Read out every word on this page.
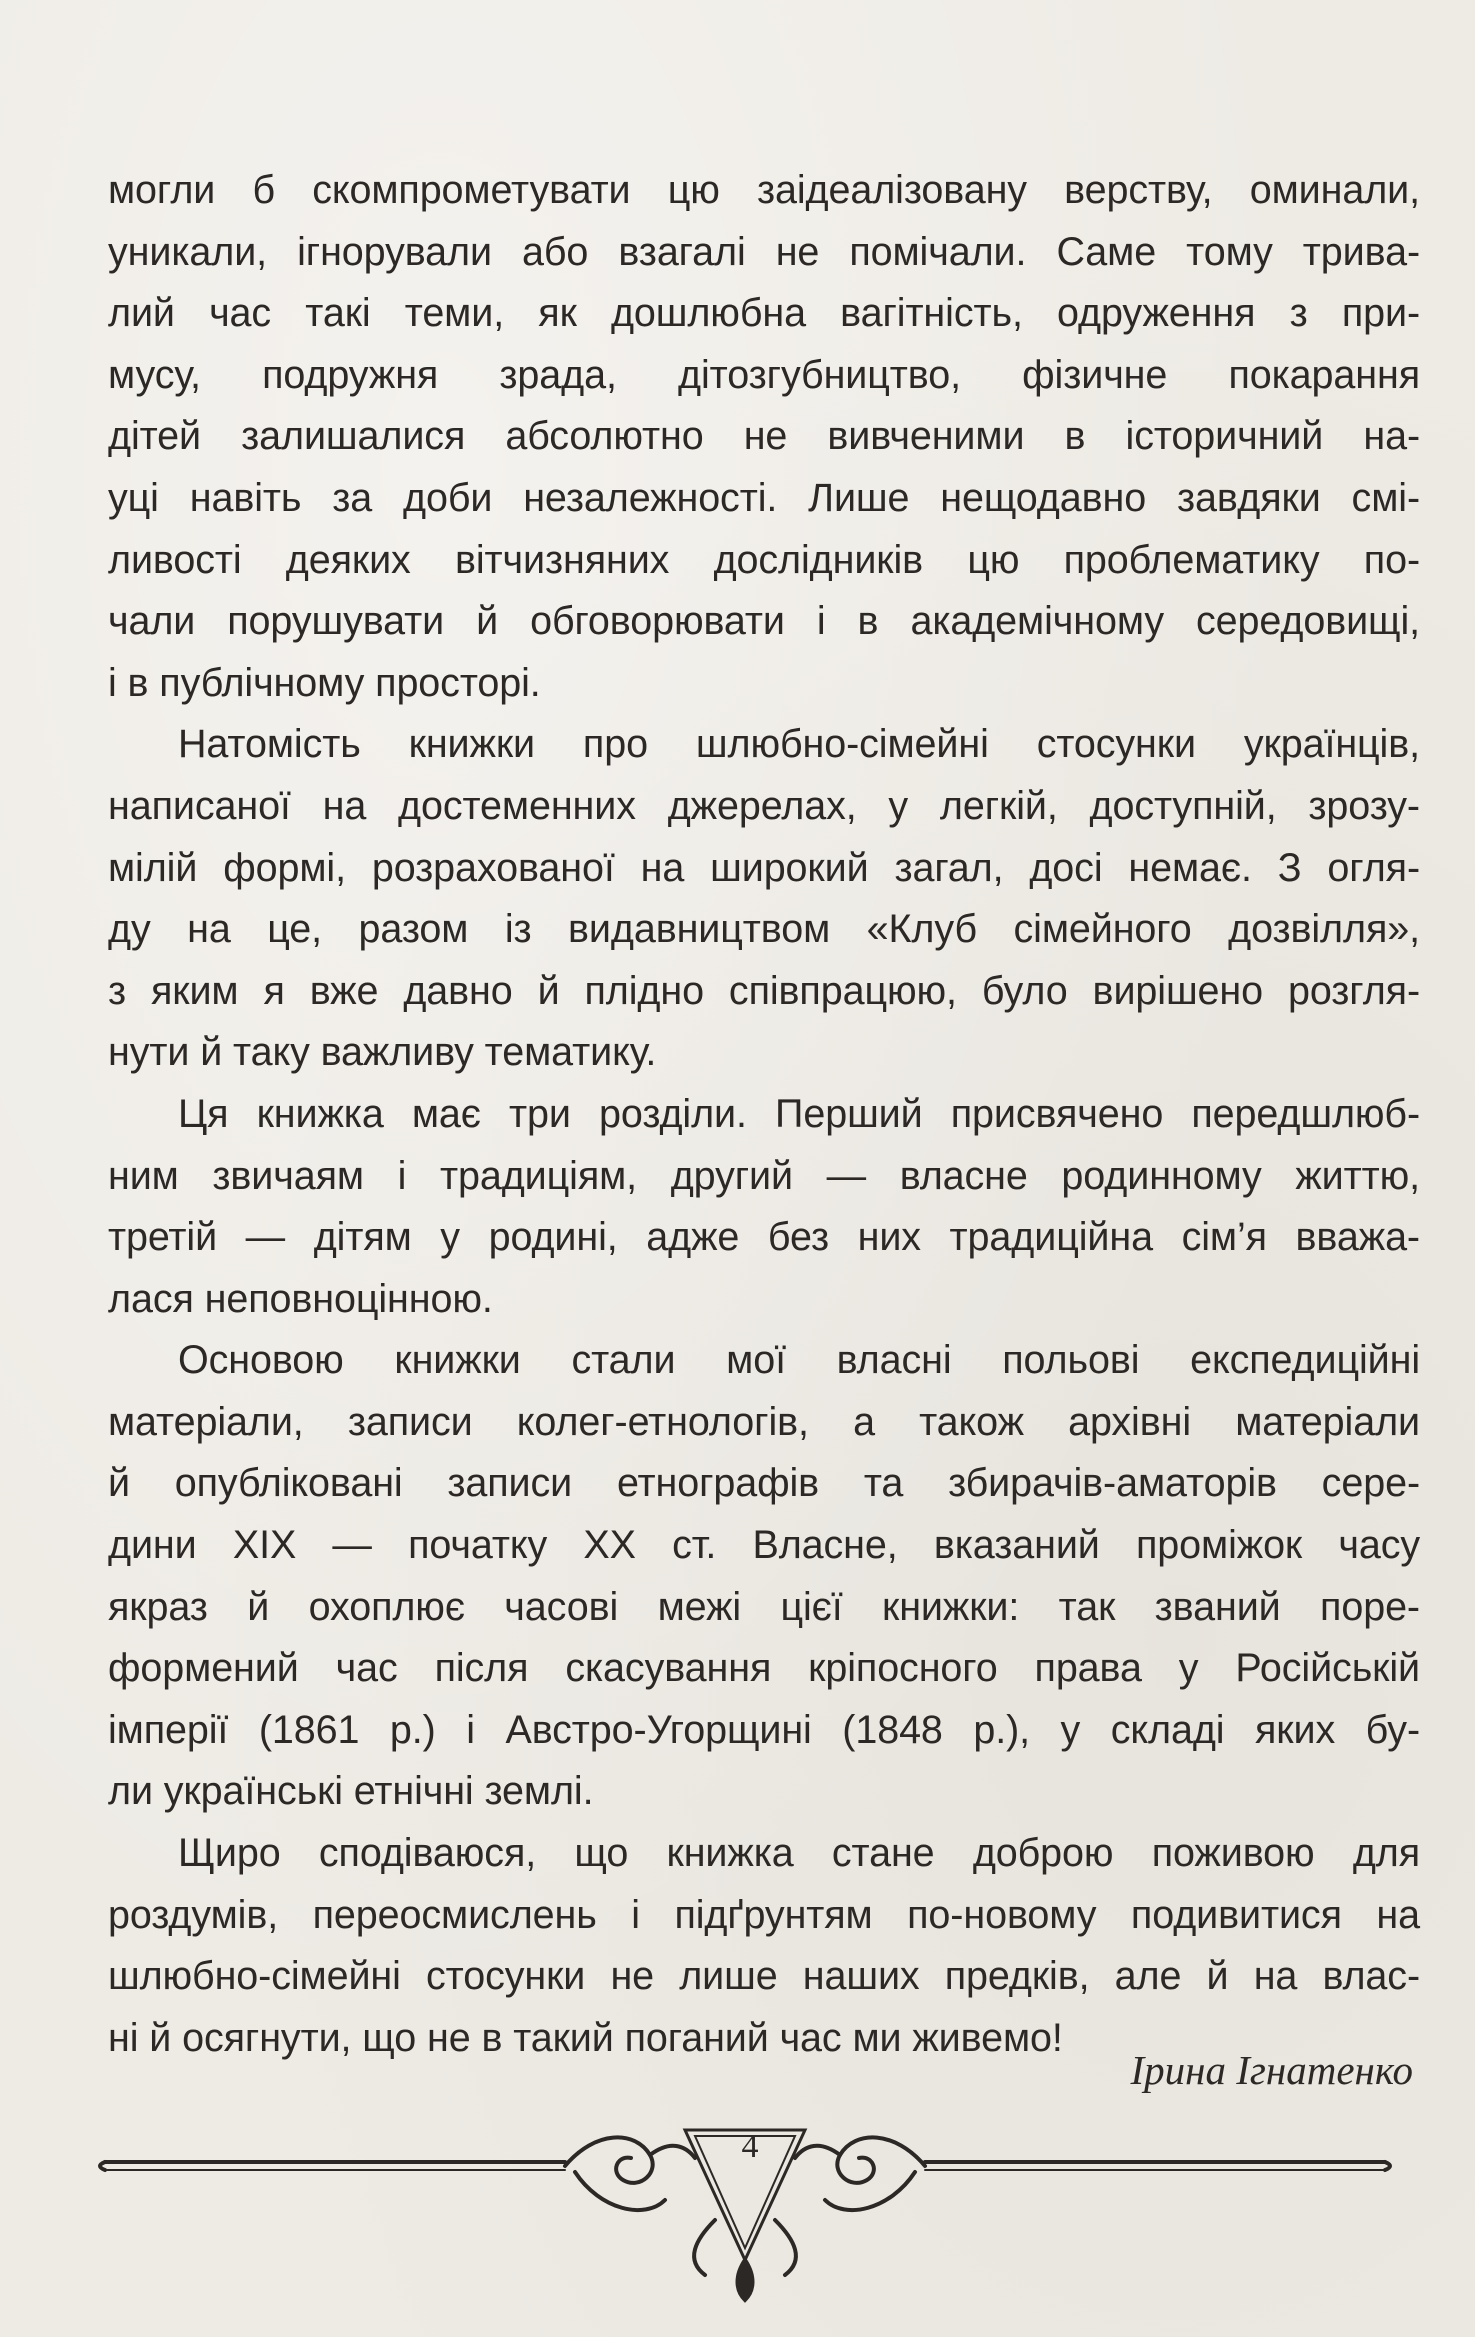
могли б скомпрометувати цю заідеалізовану верству, оминали,
уникали, ігнорували або взагалі не помічали. Саме тому трива-
лий час такі теми, як дошлюбна вагітність, одруження з при-
мусу, подружня зрада, дітозгубництво, фізичне покарання
дітей залишалися абсолютно не вивченими в історичний на-
уці навіть за доби незалежності. Лише нещодавно завдяки смі-
ливості деяких вітчизняних дослідників цю проблематику по-
чали порушувати й обговорювати і в академічному середовищі,
і в публічному просторі.
Натомість книжки про шлюбно-сімейні стосунки українців,
написаної на достеменних джерелах, у легкій, доступній, зрозу-
мілій формі, розрахованої на широкий загал, досі немає. З огля-
ду на це, разом із видавництвом «Клуб сімейного дозвілля»,
з яким я вже давно й плідно співпрацюю, було вирішено розгля-
нути й таку важливу тематику.
Ця книжка має три розділи. Перший присвячено передшлюб-
ним звичаям і традиціям, другий — власне родинному життю,
третій — дітям у родині, адже без них традиційна сім’я вважа-
лася неповноцінною.
Основою книжки стали мої власні польові експедиційні
матеріали, записи колег-етнологів, а також архівні матеріали
й опубліковані записи етнографів та збирачів-аматорів сере-
дини XIX — початку XX ст. Власне, вказаний проміжок часу
якраз й охоплює часові межі цієї книжки: так званий поре-
формений час після скасування кріпосного права у Російській
імперії (1861 р.) і Австро-Угорщині (1848 р.), у складі яких бу-
ли українські етнічні землі.
Щиро сподіваюся, що книжка стане доброю поживою для
роздумів, переосмислень і підґрунтям по-новому подивитися на
шлюбно-сімейні стосунки не лише наших предків, але й на влас-
ні й осягнути, що не в такий поганий час ми живемо!
Ірина Ігнатенко
4
